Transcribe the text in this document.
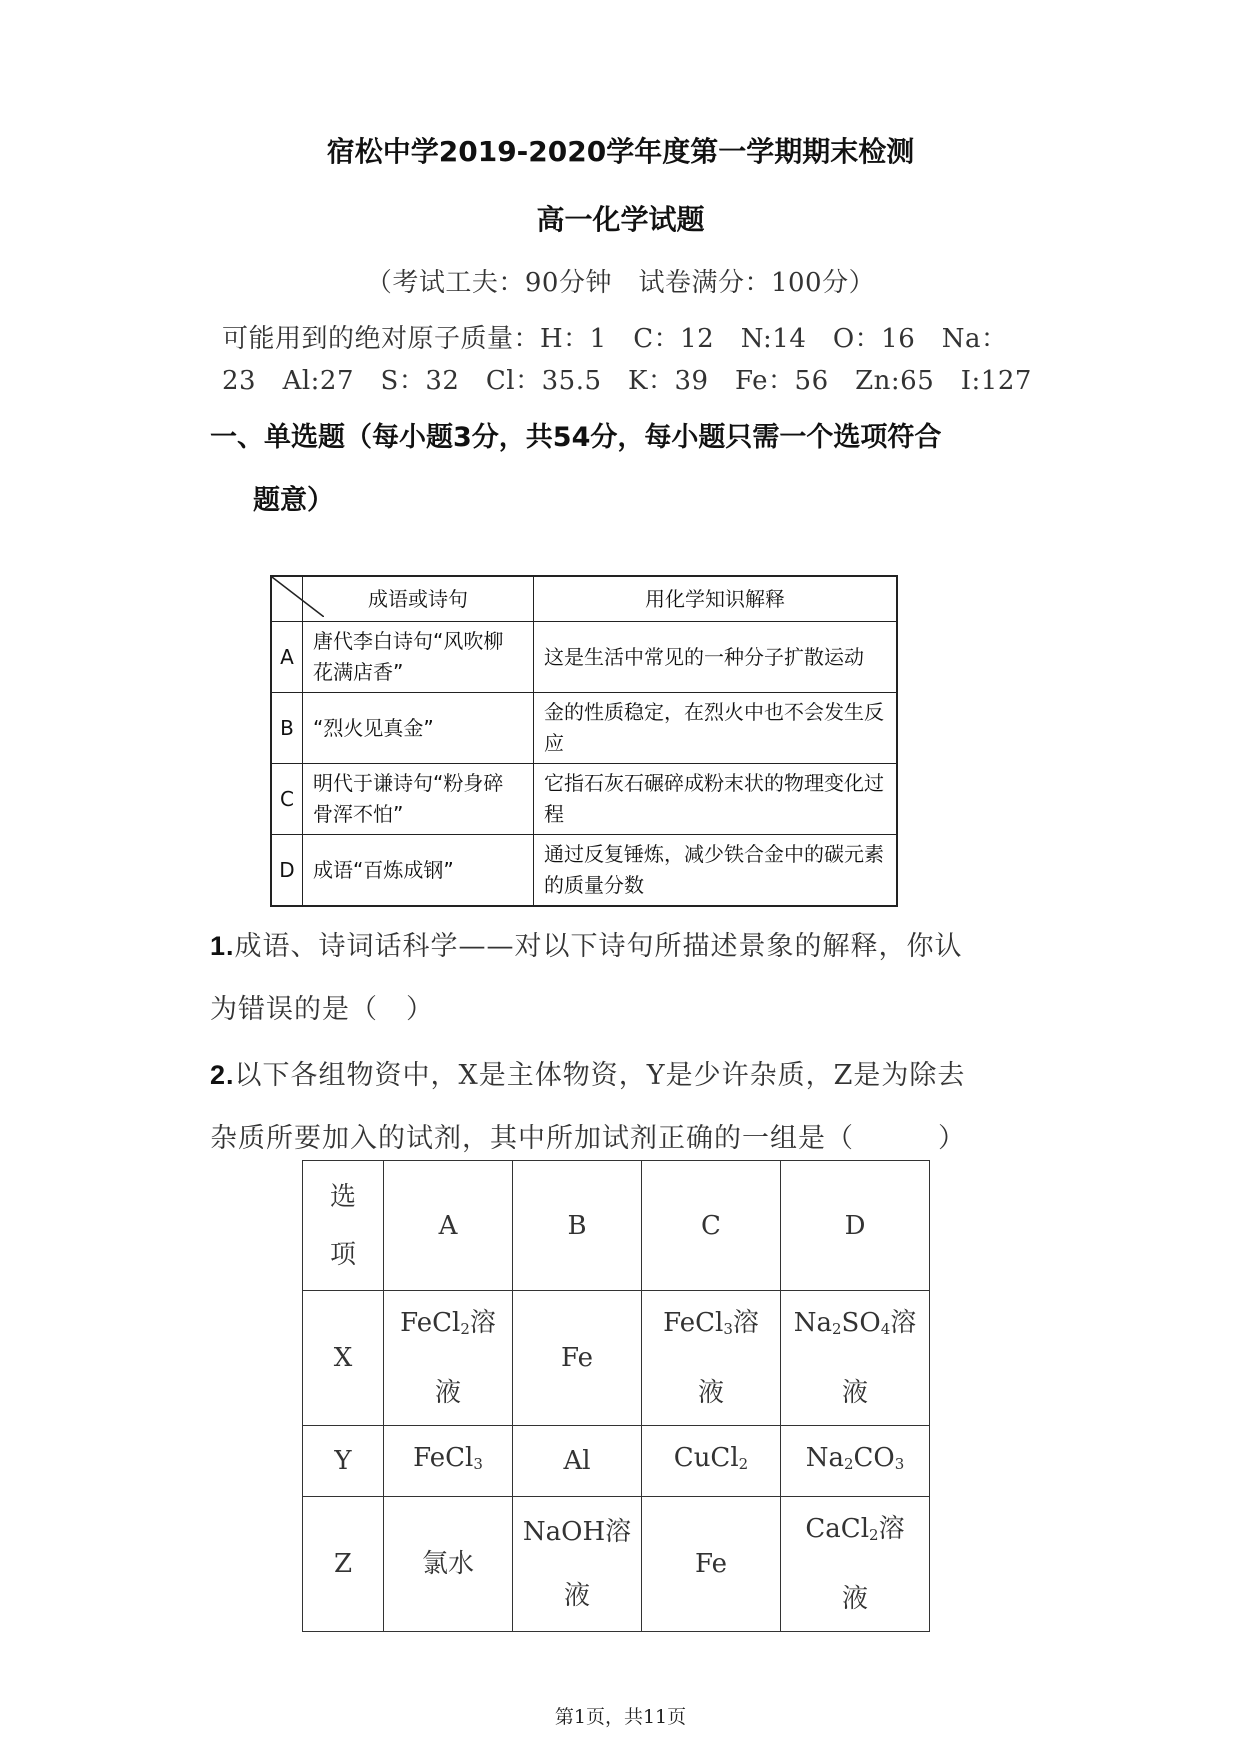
宿松中学2019-2020学年度第一学期期末检测
高一化学试题
（考试工夫：90分钟　试卷满分：100分）
可能用到的绝对原子质量：H：1　C：12　N:14　O：16　Na：
23　Al:27　S：32　Cl：35.5　K：39　Fe：56　Zn:65　I:127
一、单选题（每小题3分，共54分，每小题只需一个选项符合
题意）
	成语或诗句	用化学知识解释
A	唐代李白诗句“风吹柳花满店香”	这是生活中常见的一种分子扩散运动
B	“烈火见真金”	金的性质稳定，在烈火中也不会发生反应
C	明代于谦诗句“粉身碎骨浑不怕”	它指石灰石碾碎成粉末状的物理变化过程
D	成语“百炼成钢”	通过反复锤炼，减少铁合金中的碳元素的质量分数
1.成语、诗词话科学——对以下诗句所描述景象的解释，你认
为错误的是（　）
2.以下各组物资中，X是主体物资，Y是少许杂质，Z是为除去
杂质所要加入的试剂，其中所加试剂正确的一组是（　　　）
选
项	A	B	C	D
X	FeCl$_2$溶
液	Fe	FeCl$_3$溶
液	$Na_2SO_4$溶
液
Y	FeCl$_3$	Al	CuCl$_2$	$Na_2CO_3$
Z	氯水	NaOH溶
液	Fe	CaCl$_2$溶
液
第1页，共11页
